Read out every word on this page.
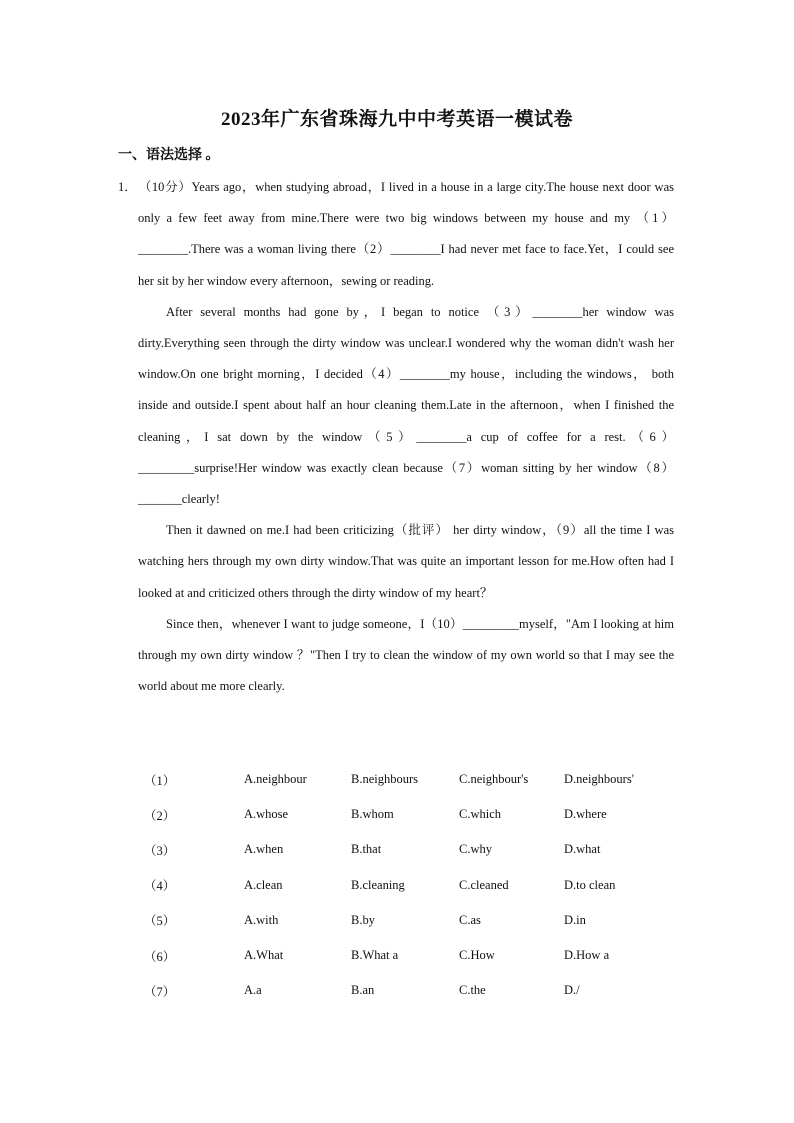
2023年广东省珠海九中中考英语一模试卷
一、语法选择 。

1．（10分）Years ago，when studying abroad，I lived in a house in a large city.The house next door was only a few feet away from mine.There were two big windows between my house and my （1）________.There was a woman living there（2）________I had never met face to face.Yet，I could see her sit by her window every afternoon，sewing or reading.

After several months had gone by，I began to notice （3）________her window was dirty.Everything seen through the dirty window was unclear.I wondered why the woman didn't wash her window.On one bright morning，I decided（4）________my house，including the windows， both inside and outside.I spent about half an hour cleaning them.Late in the afternoon，when I finished the cleaning，I sat down by the window（5）________a cup of coffee for a rest.（6）_________surprise!Her window was exactly clean because（7）woman sitting by her window（8）_______clearly!

Then it dawned on me.I had been criticizing（批评） her dirty window，（9）all the time I was watching hers through my own dirty window.That was quite an important lesson for me.How often had I looked at and criticized others through the dirty window of my heart？

Since then，whenever I want to judge someone，I（10）_________myself，"Am I looking at him through my own dirty window ？"Then I try to clean the window of my own world so that I may see the world about me more clearly.

（1）	A.neighbour	B.neighbours	C.neighbour's	D.neighbours'
（2）	A.whose	B.whom	C.which	D.where
（3）	A.when	B.that	C.why	D.what
（4）	A.clean	B.cleaning	C.cleaned	D.to clean
（5）	A.with	B.by	C.as	D.in
（6）	A.What	B.What a	C.How	D.How a
（7）	A.a	B.an	C.the	D./
